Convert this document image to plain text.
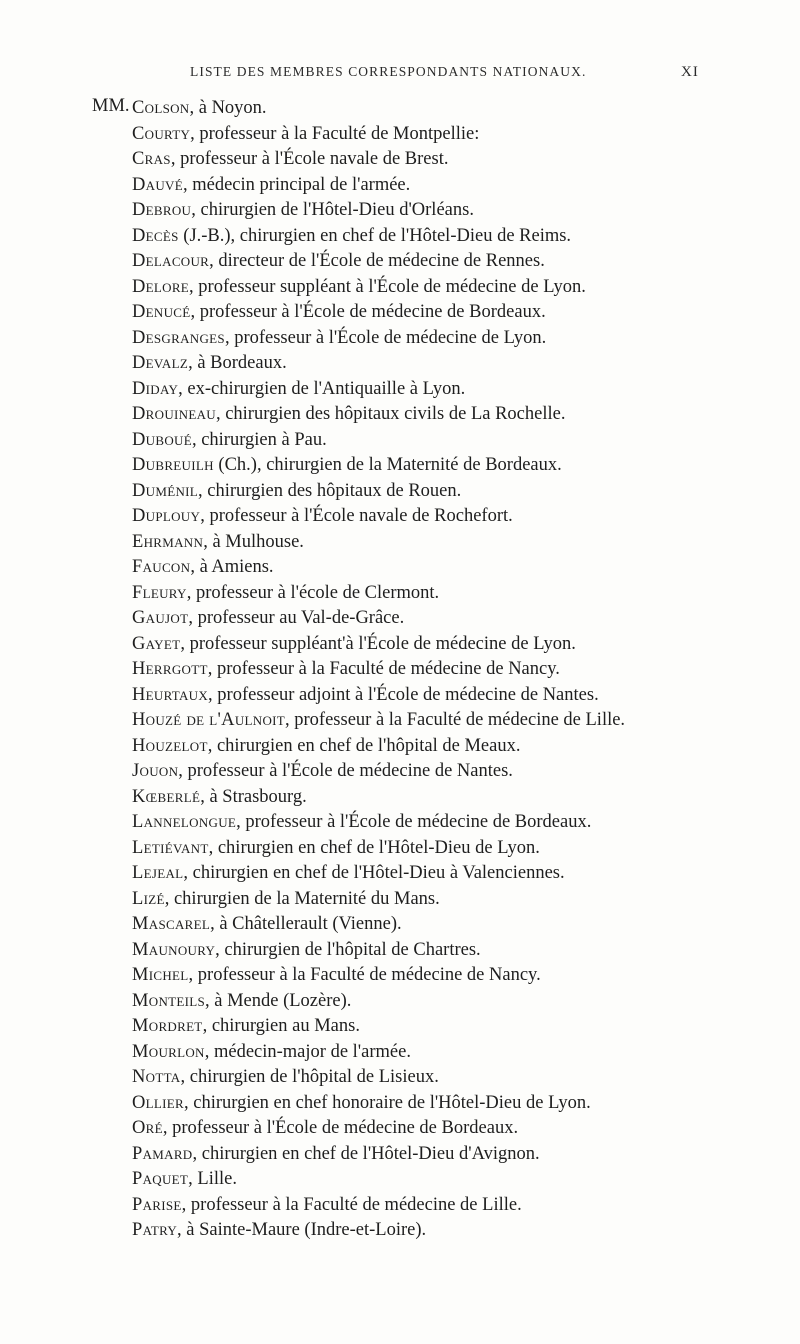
LISTE DES MEMBRES CORRESPONDANTS NATIONAUX.	XI
MM. Colson, à Noyon.
Courty, professeur à la Faculté de Montpellie:
Cras, professeur à l'École navale de Brest.
Dauvé, médecin principal de l'armée.
Debrou, chirurgien de l'Hôtel-Dieu d'Orléans.
Decès (J.-B.), chirurgien en chef de l'Hôtel-Dieu de Reims.
Delacour, directeur de l'École de médecine de Rennes.
Delore, professeur suppléant à l'École de médecine de Lyon.
Denucé, professeur à l'École de médecine de Bordeaux.
Desgranges, professeur à l'École de médecine de Lyon.
Devalz, à Bordeaux.
Diday, ex-chirurgien de l'Antiquaille à Lyon.
Drouineau, chirurgien des hôpitaux civils de La Rochelle.
Duboué, chirurgien à Pau.
Dubreuilh (Ch.), chirurgien de la Maternité de Bordeaux.
Duménil, chirurgien des hôpitaux de Rouen.
Duplouy, professeur à l'École navale de Rochefort.
Ehrmann, à Mulhouse.
Faucon, à Amiens.
Fleury, professeur à l'école de Clermont.
Gaujot, professeur au Val-de-Grâce.
Gayet, professeur suppléant'à l'École de médecine de Lyon.
Herrgott, professeur à la Faculté de médecine de Nancy.
Heurtaux, professeur adjoint à l'École de médecine de Nantes.
Houzé de l'Aulnoit, professeur à la Faculté de médecine de Lille.
Houzelot, chirurgien en chef de l'hôpital de Meaux.
Jouon, professeur à l'École de médecine de Nantes.
Kœberlé, à Strasbourg.
Lannelongue, professeur à l'École de médecine de Bordeaux.
Letiévant, chirurgien en chef de l'Hôtel-Dieu de Lyon.
Lejeal, chirurgien en chef de l'Hôtel-Dieu à Valenciennes.
Lizé, chirurgien de la Maternité du Mans.
Mascarel, à Châtellerault (Vienne).
Maunoury, chirurgien de l'hôpital de Chartres.
Michel, professeur à la Faculté de médecine de Nancy.
Monteils, à Mende (Lozère).
Mordret, chirurgien au Mans.
Mourlon, médecin-major de l'armée.
Notta, chirurgien de l'hôpital de Lisieux.
Ollier, chirurgien en chef honoraire de l'Hôtel-Dieu de Lyon.
Oré, professeur à l'École de médecine de Bordeaux.
Pamard, chirurgien en chef de l'Hôtel-Dieu d'Avignon.
Paquet, Lille.
Parise, professeur à la Faculté de médecine de Lille.
Patry, à Sainte-Maure (Indre-et-Loire).
